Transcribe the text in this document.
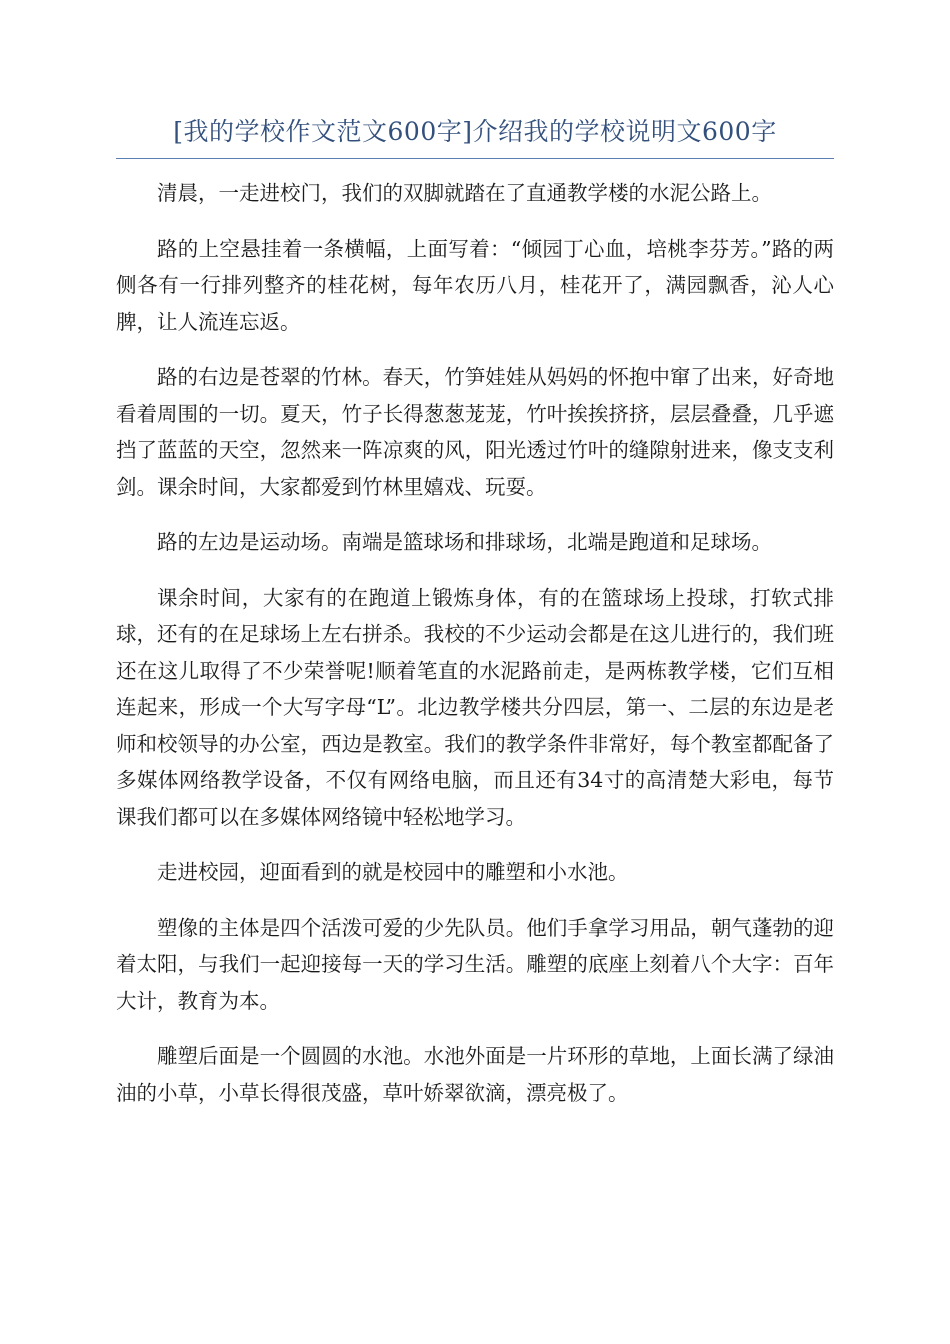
[我的学校作文范文600字]介绍我的学校说明文600字

清晨，一走进校门，我们的双脚就踏在了直通教学楼的水泥公路上。

路的上空悬挂着一条横幅，上面写着：“倾园丁心血，培桃李芬芳。”路的两侧各有一行排列整齐的桂花树，每年农历八月，桂花开了，满园飘香，沁人心脾，让人流连忘返。

路的右边是苍翠的竹林。春天，竹笋娃娃从妈妈的怀抱中窜了出来，好奇地看着周围的一切。夏天，竹子长得葱葱茏茏，竹叶挨挨挤挤，层层叠叠，几乎遮挡了蓝蓝的天空，忽然来一阵凉爽的风，阳光透过竹叶的缝隙射进来，像支支利剑。课余时间，大家都爱到竹林里嬉戏、玩耍。

路的左边是运动场。南端是篮球场和排球场，北端是跑道和足球场。

课余时间，大家有的在跑道上锻炼身体，有的在篮球场上投球，打软式排球，还有的在足球场上左右拼杀。我校的不少运动会都是在这儿进行的，我们班还在这儿取得了不少荣誉呢!顺着笔直的水泥路前走，是两栋教学楼，它们互相连起来，形成一个大写字母“L”。北边教学楼共分四层，第一、二层的东边是老师和校领导的办公室，西边是教室。我们的教学条件非常好，每个教室都配备了多媒体网络教学设备，不仅有网络电脑，而且还有34寸的高清楚大彩电，每节课我们都可以在多媒体网络镜中轻松地学习。

走进校园，迎面看到的就是校园中的雕塑和小水池。

塑像的主体是四个活泼可爱的少先队员。他们手拿学习用品，朝气蓬勃的迎着太阳，与我们一起迎接每一天的学习生活。雕塑的底座上刻着八个大字：百年大计，教育为本。

雕塑后面是一个圆圆的水池。水池外面是一片环形的草地，上面长满了绿油油的小草，小草长得很茂盛，草叶娇翠欲滴，漂亮极了。
